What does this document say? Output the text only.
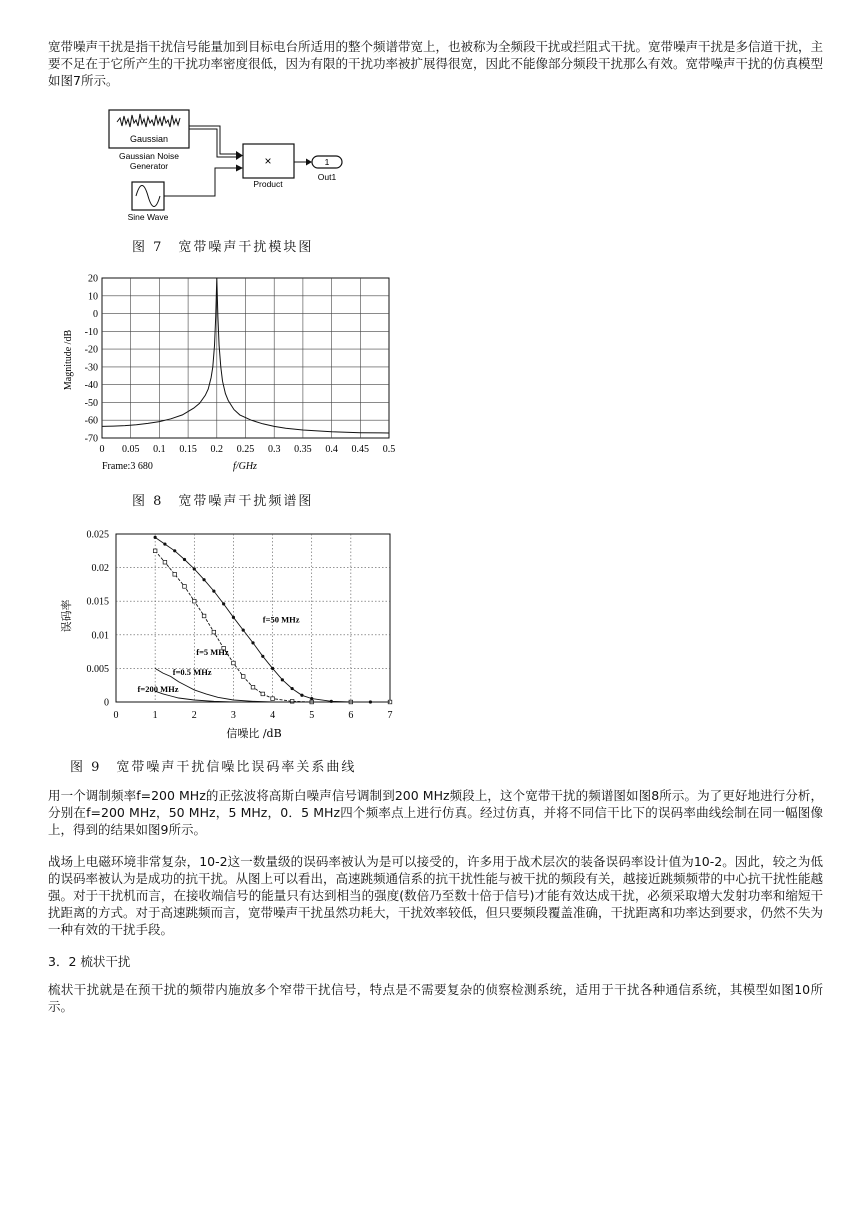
宽带噪声干扰是指干扰信号能量加到目标电台所适用的整个频谱带宽上，也被称为全频段干扰或拦阻式干扰。宽带噪声干扰是多信道干扰，主要不足在于它所产生的干扰功率密度很低，因为有限的干扰功率被扩展得很宽，因此不能像部分频段干扰那么有效。宽带噪声干扰的仿真模型如图7所示。

Gaussian
Gaussian Noise
Generator	×
Product
1
Out1
Sine Wave

图 7　宽带噪声干扰模块图

0 0.05 0.1 0.15 0.2 0.25 0.3 0.35 0.4 0.45 0.5
20
10
0
-10
-20
-30
-40
-50
-60
-70
Magnitude /dB
f/GHz
Frame:3 680

图 8　宽带噪声干扰频谱图

0	1	2	3	4	5	6	7
0.025
0.02
0.015
0.01
0.005
0
f=50 MHz
f=5 MHz
f=0.5 MHz
f=200 MHz
误码率
信噪比 /dB

图 9　宽带噪声干扰信噪比误码率关系曲线

用一个调制频率f=200 MHz的正弦波将高斯白噪声信号调制到200 MHz频段上，这个宽带干扰的频谱图如图8所示。为了更好地进行分析，分别在f=200 MHz，50 MHz，5 MHz，0．5 MHz四个频率点上进行仿真。经过仿真，并将不同信干比下的误码率曲线绘制在同一幅图像上，得到的结果如图9所示。

战场上电磁环境非常复杂，10-2这一数量级的误码率被认为是可以接受的，许多用于战术层次的装备误码率设计值为10-2。因此，较之为低的误码率被认为是成功的抗干扰。从图上可以看出，高速跳频通信系的抗干扰性能与被干扰的频段有关，越接近跳频频带的中心抗干扰性能越强。对于干扰机而言，在接收端信号的能量只有达到相当的强度(数倍乃至数十倍于信号)才能有效达成干扰，必须采取增大发射功率和缩短干扰距离的方式。对于高速跳频而言，宽带噪声干扰虽然功耗大，干扰效率较低，但只要频段覆盖准确，干扰距离和功率达到要求，仍然不失为一种有效的干扰手段。

3．2 梳状干扰

梳状干扰就是在预干扰的频带内施放多个窄带干扰信号，特点是不需要复杂的侦察检测系统，适用于干扰各种通信系统，其模型如图10所示。
